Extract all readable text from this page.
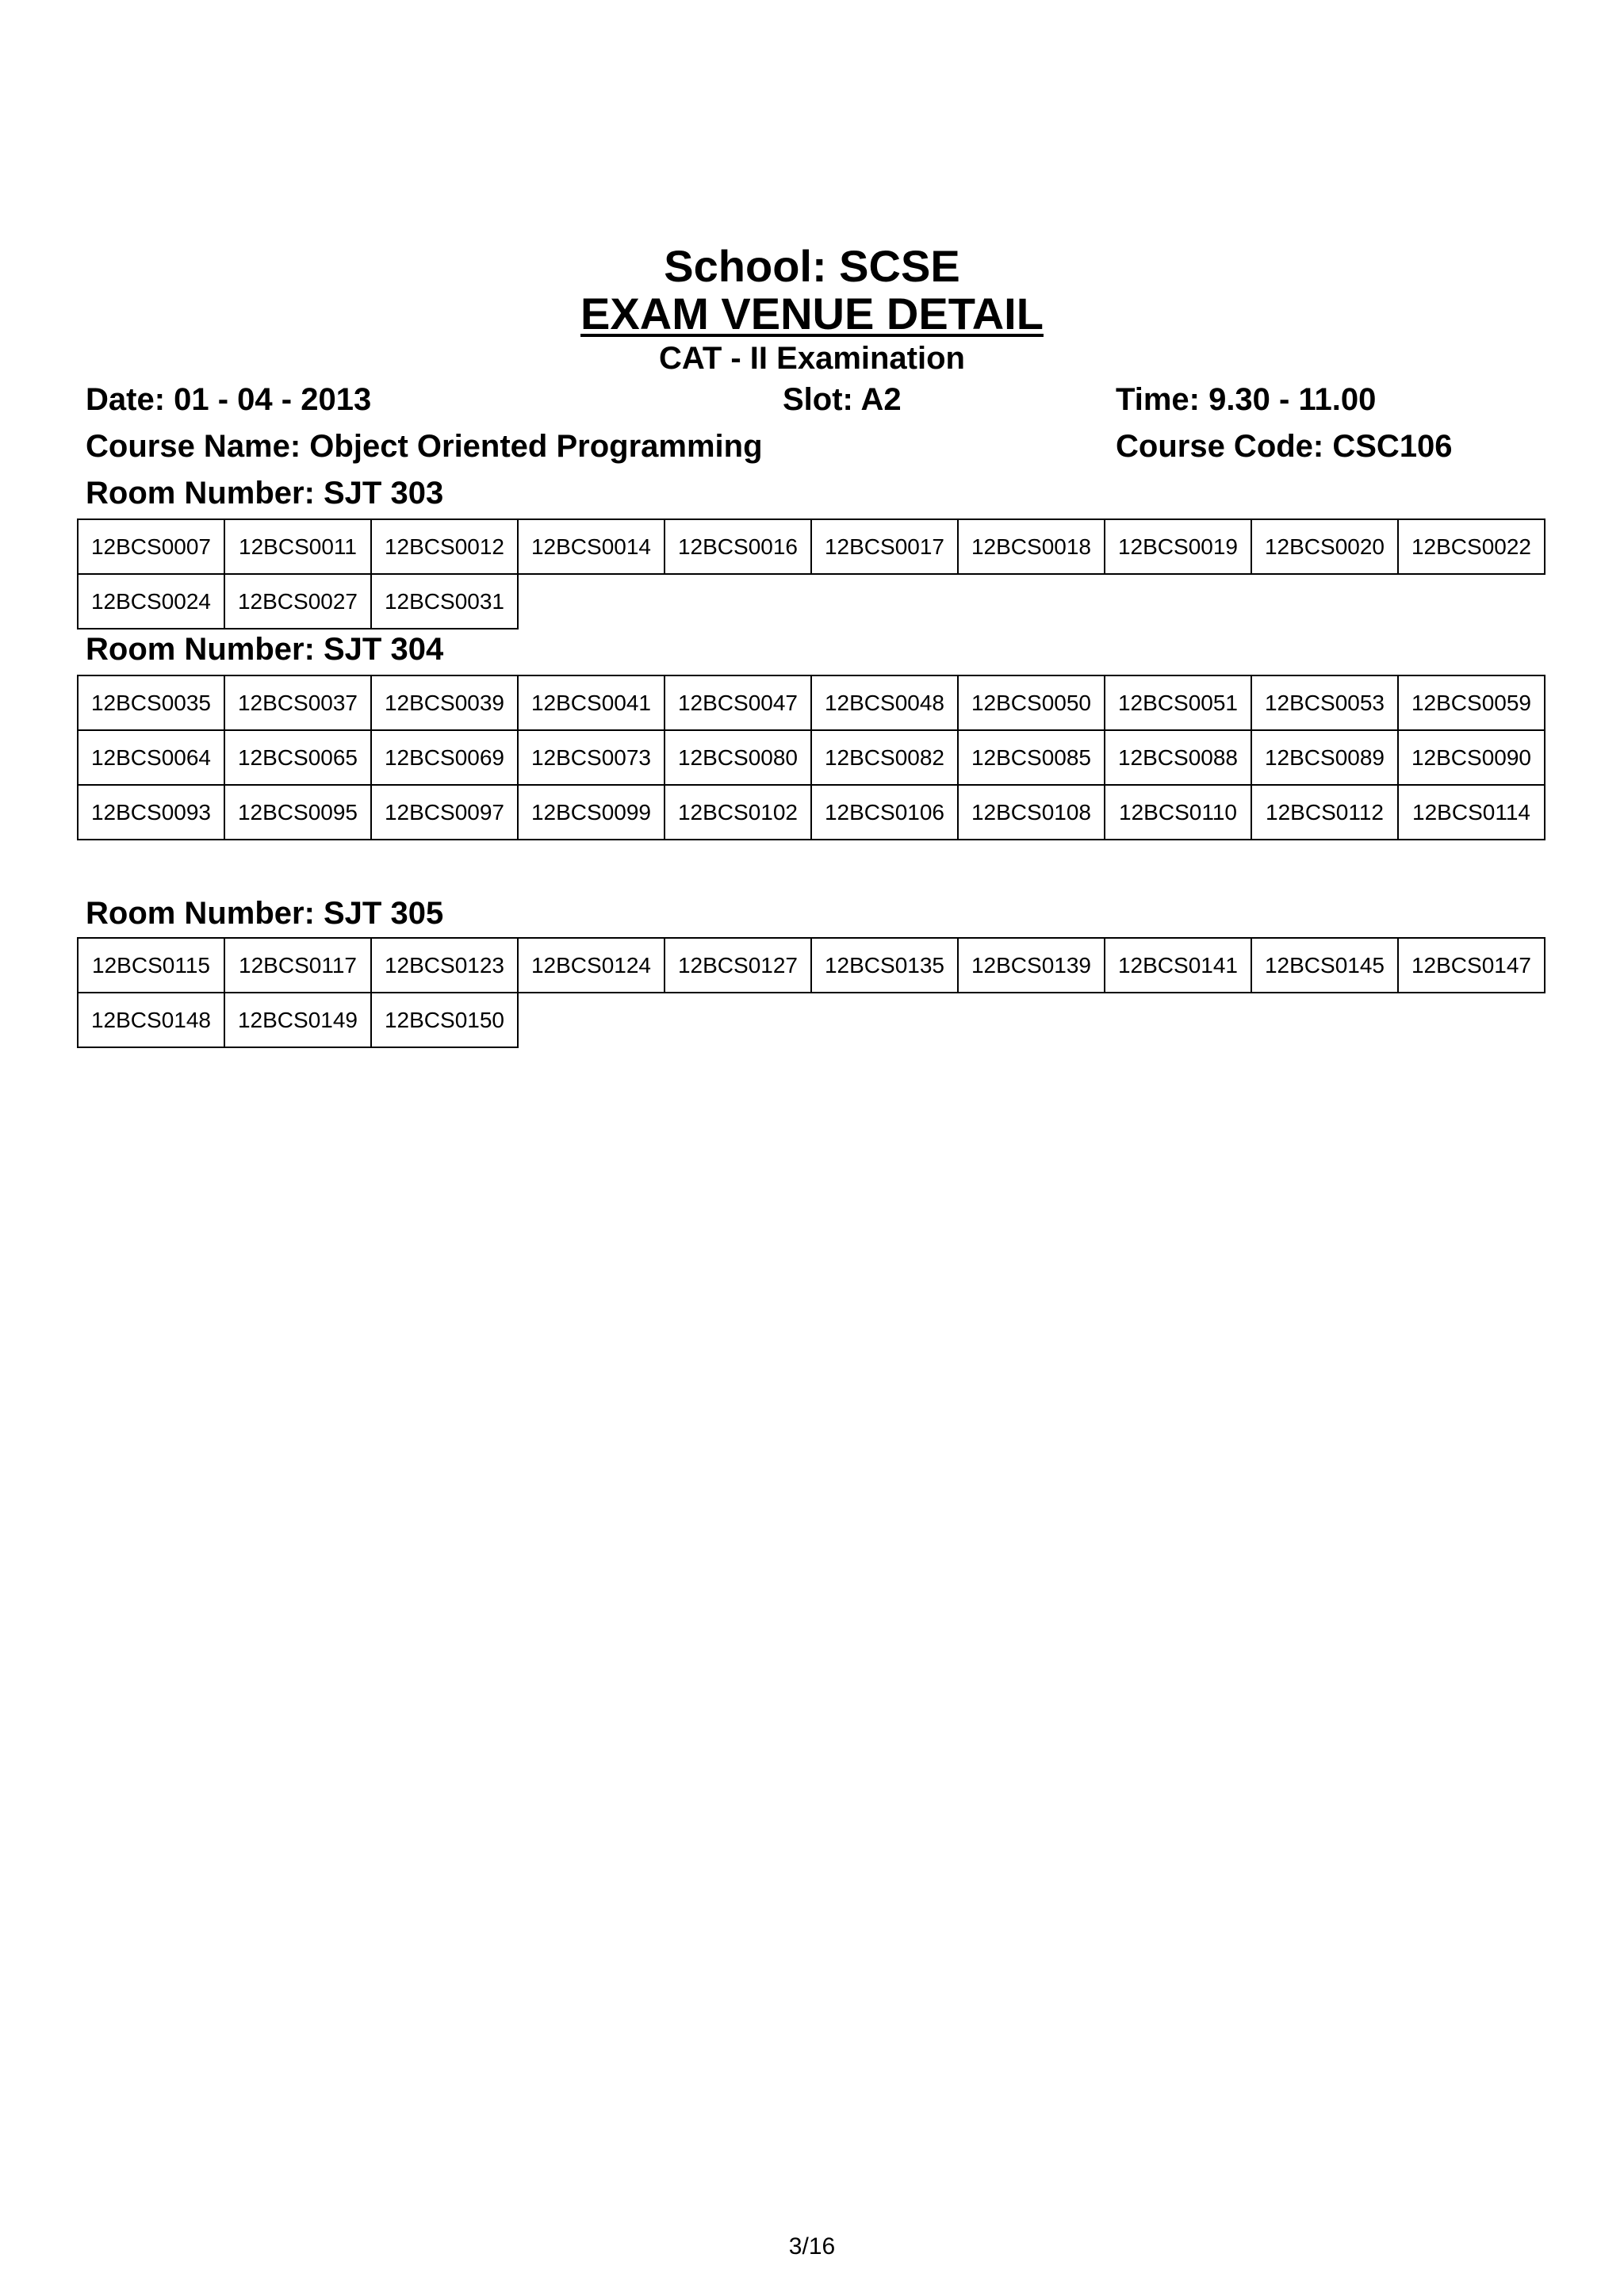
School: SCSE
EXAM VENUE DETAIL
CAT - II Examination
Date: 01 - 04 - 2013	Slot: A2	Time: 9.30 - 11.00
Course Name: Object Oriented Programming	Course Code: CSC106
Room Number: SJT 303
12BCS0007	12BCS0011	12BCS0012	12BCS0014	12BCS0016	12BCS0017	12BCS0018	12BCS0019	12BCS0020	12BCS0022
12BCS0024	12BCS0027	12BCS0031							
Room Number: SJT 304
12BCS0035	12BCS0037	12BCS0039	12BCS0041	12BCS0047	12BCS0048	12BCS0050	12BCS0051	12BCS0053	12BCS0059
12BCS0064	12BCS0065	12BCS0069	12BCS0073	12BCS0080	12BCS0082	12BCS0085	12BCS0088	12BCS0089	12BCS0090
12BCS0093	12BCS0095	12BCS0097	12BCS0099	12BCS0102	12BCS0106	12BCS0108	12BCS0110	12BCS0112	12BCS0114
Room Number: SJT 305
12BCS0115	12BCS0117	12BCS0123	12BCS0124	12BCS0127	12BCS0135	12BCS0139	12BCS0141	12BCS0145	12BCS0147
12BCS0148	12BCS0149	12BCS0150							
3/16
